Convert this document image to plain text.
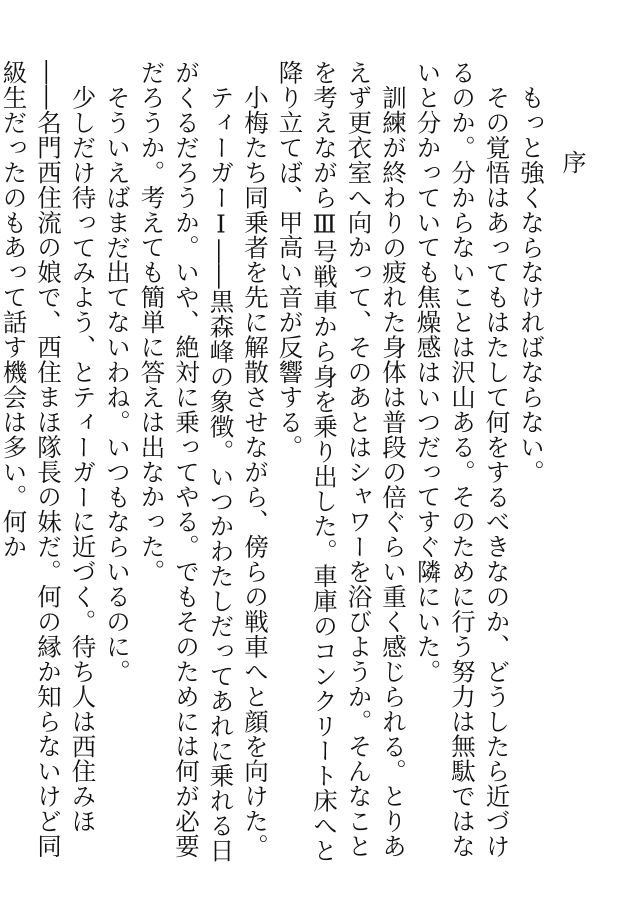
序

もっと強くならなければならない。

その覚悟はあってもはたして何をするべきなのか、どうしたら近づけるのか。分からないことは沢山ある。そのために行う努力は無駄ではないと分かっていても焦燥感はいつだってすぐ隣にいた。

訓練が終わりの疲れた身体は普段の倍ぐらい重く感じられる。とりあえず更衣室へ向かって、そのあとはシャワーを浴びようか。そんなことを考えながらⅢ号戦車から身を乗り出した。車庫のコンクリート床へと降り立てば、甲高い音が反響する。

小梅たち同乗者を先に解散させながら、傍らの戦車へと顔を向けた。

ティーガーⅠ――黒森峰の象徴。いつかわたしだってあれに乗れる日がくるだろうか。いや、絶対に乗ってやる。でもそのためには何が必要だろうか。考えても簡単に答えは出なかった。

そういえばまだ出てないわね。いつもならいるのに。

少しだけ待ってみよう、とティーガーに近づく。待ち人は西住みほ――名門西住流の娘で、西住まほ隊長の妹だ。何の縁か知らないけど同級生だったのもあって話す機会は多い。何か
